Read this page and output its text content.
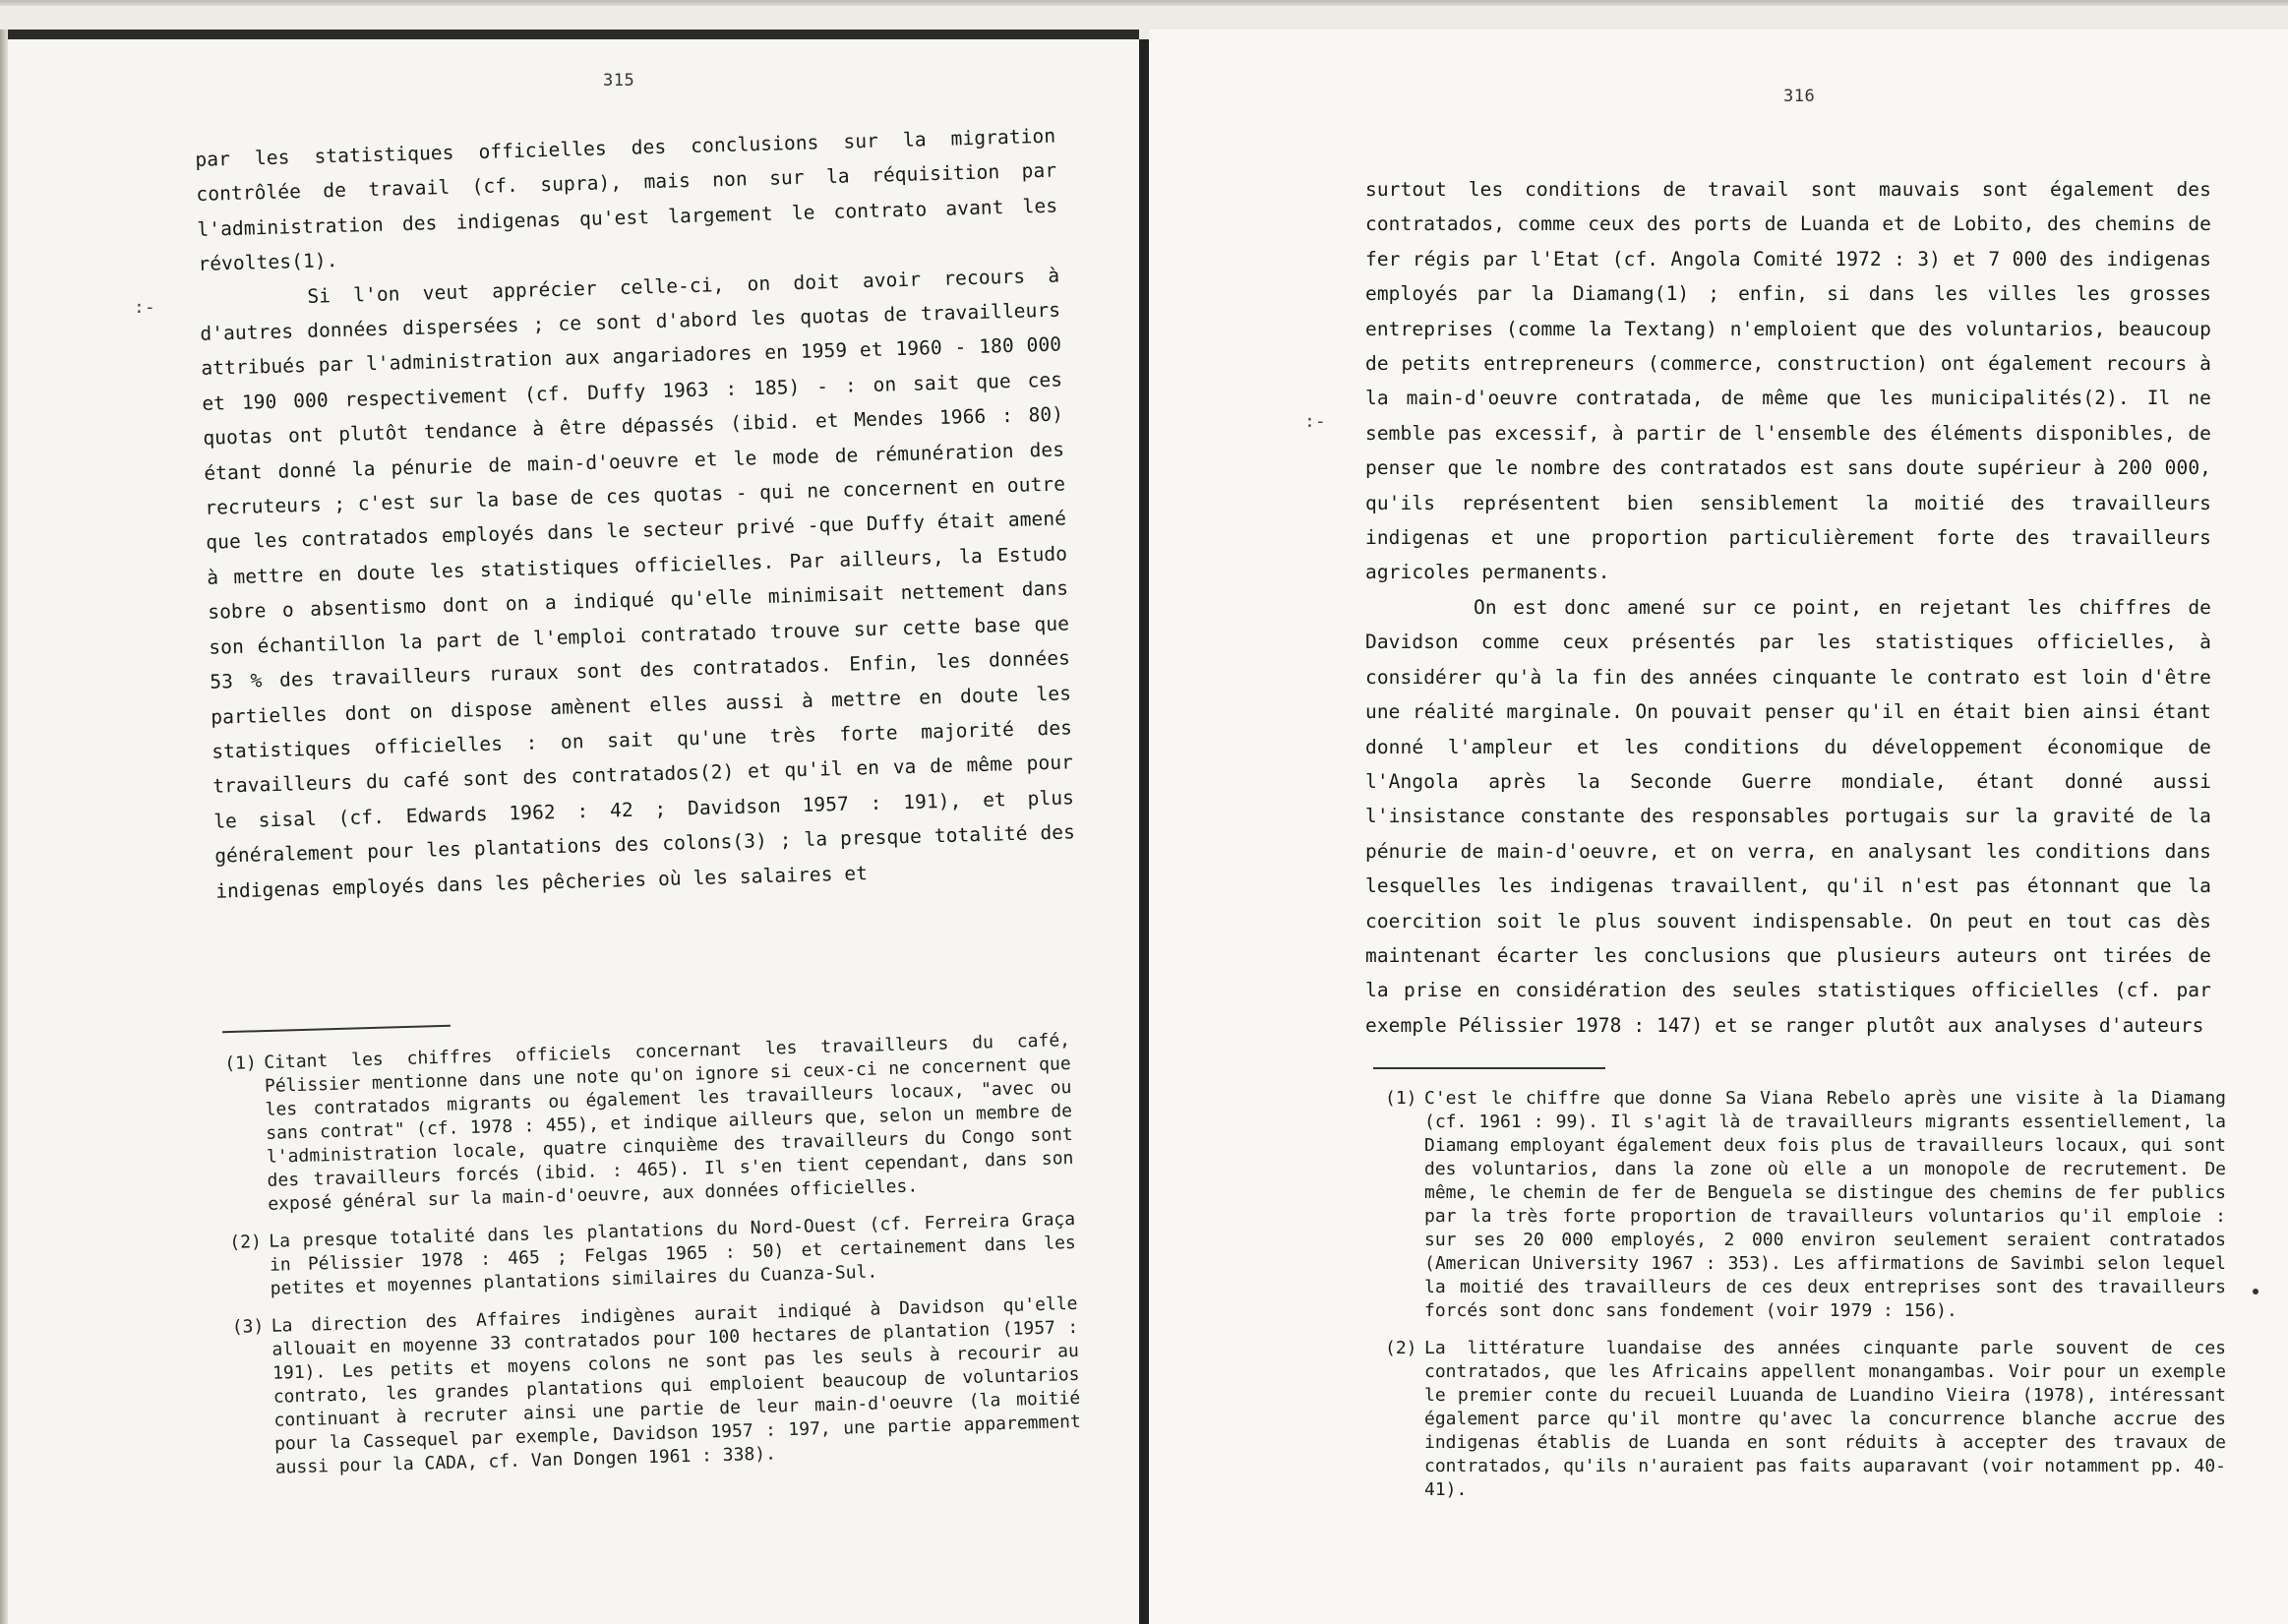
315
:-

par les statistiques officielles des conclusions sur la migration contrôlée de travail (cf. supra), mais non sur la réquisition par l'administration des indigenas qu'est largement le contrato avant les révoltes(1).

Si l'on veut apprécier celle-ci, on doit avoir recours à d'autres données dispersées ; ce sont d'abord les quotas de travailleurs attribués par l'administration aux angariadores en 1959 et 1960 - 180 000 et 190 000 respectivement (cf. Duffy 1963 : 185) - : on sait que ces quotas ont plutôt tendance à être dépassés (ibid. et Mendes 1966 : 80) étant donné la pénurie de main-d'oeuvre et le mode de rémunération des recruteurs ; c'est sur la base de ces quotas - qui ne concernent en outre que les contratados employés dans le secteur privé -que Duffy était amené à mettre en doute les statistiques officielles. Par ailleurs, la Estudo sobre o absentismo dont on a indiqué qu'elle minimisait nettement dans son échantillon la part de l'emploi contratado trouve sur cette base que 53 % des travailleurs ruraux sont des contratados. Enfin, les données partielles dont on dispose amènent elles aussi à mettre en doute les statistiques officielles : on sait qu'une très forte majorité des travailleurs du café sont des contratados(2) et qu'il en va de même pour le sisal (cf. Edwards 1962 : 42 ; Davidson 1957 : 191), et plus généralement pour les plantations des colons(3) ; la presque totalité des indigenas employés dans les pêcheries où les salaires et

(1) Citant les chiffres officiels concernant les travailleurs du café, Pélissier mentionne dans une note qu'on ignore si ceux-ci ne concernent que les contratados migrants ou également les travailleurs locaux, "avec ou sans contrat" (cf. 1978 : 455), et indique ailleurs que, selon un membre de l'administration locale, quatre cinquième des travailleurs du Congo sont des travailleurs forcés (ibid. : 465). Il s'en tient cependant, dans son exposé général sur la main-d'oeuvre, aux données officielles.
(2) La presque totalité dans les plantations du Nord-Ouest (cf. Ferreira Graça in Pélissier 1978 : 465 ; Felgas 1965 : 50) et certainement dans les petites et moyennes plantations similaires du Cuanza-Sul.
(3) La direction des Affaires indigènes aurait indiqué à Davidson qu'elle allouait en moyenne 33 contratados pour 100 hectares de plantation (1957 : 191). Les petits et moyens colons ne sont pas les seuls à recourir au contrato, les grandes plantations qui emploient beaucoup de voluntarios continuant à recruter ainsi une partie de leur main-d'oeuvre (la moitié pour la Cassequel par exemple, Davidson 1957 : 197, une partie apparemment aussi pour la CADA, cf. Van Dongen 1961 : 338).
316
:-

surtout les conditions de travail sont mauvais sont également des contratados, comme ceux des ports de Luanda et de Lobito, des chemins de fer régis par l'Etat (cf. Angola Comité 1972 : 3) et 7 000 des indigenas employés par la Diamang(1) ; enfin, si dans les villes les grosses entreprises (comme la Textang) n'emploient que des voluntarios, beaucoup de petits entrepreneurs (commerce, construction) ont également recours à la main-d'oeuvre contratada, de même que les municipalités(2). Il ne semble pas excessif, à partir de l'ensemble des éléments disponibles, de penser que le nombre des contratados est sans doute supérieur à 200 000, qu'ils représentent bien sensiblement la moitié des travailleurs indigenas et une proportion particulièrement forte des travailleurs agricoles permanents.

On est donc amené sur ce point, en rejetant les chiffres de Davidson comme ceux présentés par les statistiques officielles, à considérer qu'à la fin des années cinquante le contrato est loin d'être une réalité marginale. On pouvait penser qu'il en était bien ainsi étant donné l'ampleur et les conditions du développement économique de l'Angola après la Seconde Guerre mondiale, étant donné aussi l'insistance constante des responsables portugais sur la gravité de la pénurie de main-d'oeuvre, et on verra, en analysant les conditions dans lesquelles les indigenas travaillent, qu'il n'est pas étonnant que la coercition soit le plus souvent indispensable. On peut en tout cas dès maintenant écarter les conclusions que plusieurs auteurs ont tirées de la prise en considération des seules statistiques officielles (cf. par exemple Pélissier 1978 : 147) et se ranger plutôt aux analyses d'auteurs

(1) C'est le chiffre que donne Sa Viana Rebelo après une visite à la Diamang (cf. 1961 : 99). Il s'agit là de travailleurs migrants essentiellement, la Diamang employant également deux fois plus de travailleurs locaux, qui sont des voluntarios, dans la zone où elle a un monopole de recrutement. De même, le chemin de fer de Benguela se distingue des chemins de fer publics par la très forte proportion de travailleurs voluntarios qu'il emploie : sur ses 20 000 employés, 2 000 environ seulement seraient contratados (American University 1967 : 353). Les affirmations de Savimbi selon lequel la moitié des travailleurs de ces deux entreprises sont des travailleurs forcés sont donc sans fondement (voir 1979 : 156).
(2) La littérature luandaise des années cinquante parle souvent de ces contratados, que les Africains appellent monangambas. Voir pour un exemple le premier conte du recueil Luuanda de Luandino Vieira (1978), intéressant également parce qu'il montre qu'avec la concurrence blanche accrue des indigenas établis de Luanda en sont réduits à accepter des travaux de contratados, qu'ils n'auraient pas faits auparavant (voir notamment pp. 40-41).
